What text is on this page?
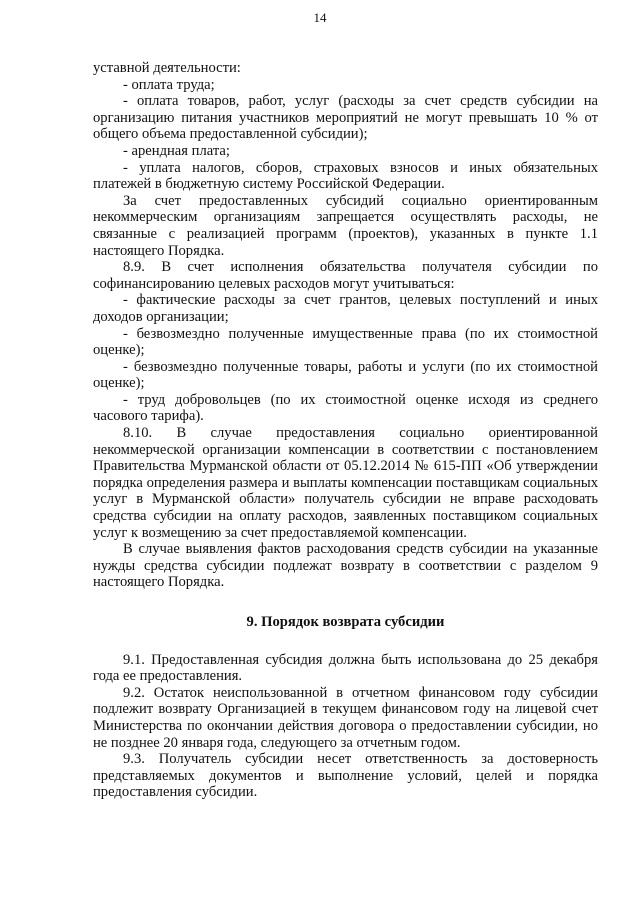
14

уставной деятельности:

- оплата труда;

- оплата товаров, работ, услуг (расходы за счет средств субсидии на организацию питания участников мероприятий не могут превышать 10 % от общего объема предоставленной субсидии);

- арендная плата;

- уплата налогов, сборов, страховых взносов и иных обязательных платежей в бюджетную систему Российской Федерации.

За счет предоставленных субсидий социально ориентированным некоммерческим организациям запрещается осуществлять расходы, не связанные с реализацией программ (проектов), указанных в пункте 1.1 настоящего Порядка.

8.9. В счет исполнения обязательства получателя субсидии по софинансированию целевых расходов могут учитываться:

- фактические расходы за счет грантов, целевых поступлений и иных доходов организации;

- безвозмездно полученные имущественные права (по их стоимостной оценке);

- безвозмездно полученные товары, работы и услуги (по их стоимостной оценке);

- труд добровольцев (по их стоимостной оценке исходя из среднего часового тарифа).

8.10. В случае предоставления социально ориентированной некоммерческой организации компенсации в соответствии с постановлением Правительства Мурманской области от 05.12.2014 № 615-ПП «Об утверждении порядка определения размера и выплаты компенсации поставщикам социальных услуг в Мурманской области» получатель субсидии не вправе расходовать средства субсидии на оплату расходов, заявленных поставщиком социальных услуг к возмещению за счет предоставляемой компенсации.

В случае выявления фактов расходования средств субсидии на указанные нужды средства субсидии подлежат возврату в соответствии с разделом 9 настоящего Порядка.

9. Порядок возврата субсидии

9.1. Предоставленная субсидия должна быть использована до 25 декабря года ее предоставления.

9.2. Остаток неиспользованной в отчетном финансовом году субсидии подлежит возврату Организацией в текущем финансовом году на лицевой счет Министерства по окончании действия договора о предоставлении субсидии, но не позднее 20 января года, следующего за отчетным годом.

9.3. Получатель субсидии несет ответственность за достоверность представляемых документов и выполнение условий, целей и порядка предоставления субсидии.
